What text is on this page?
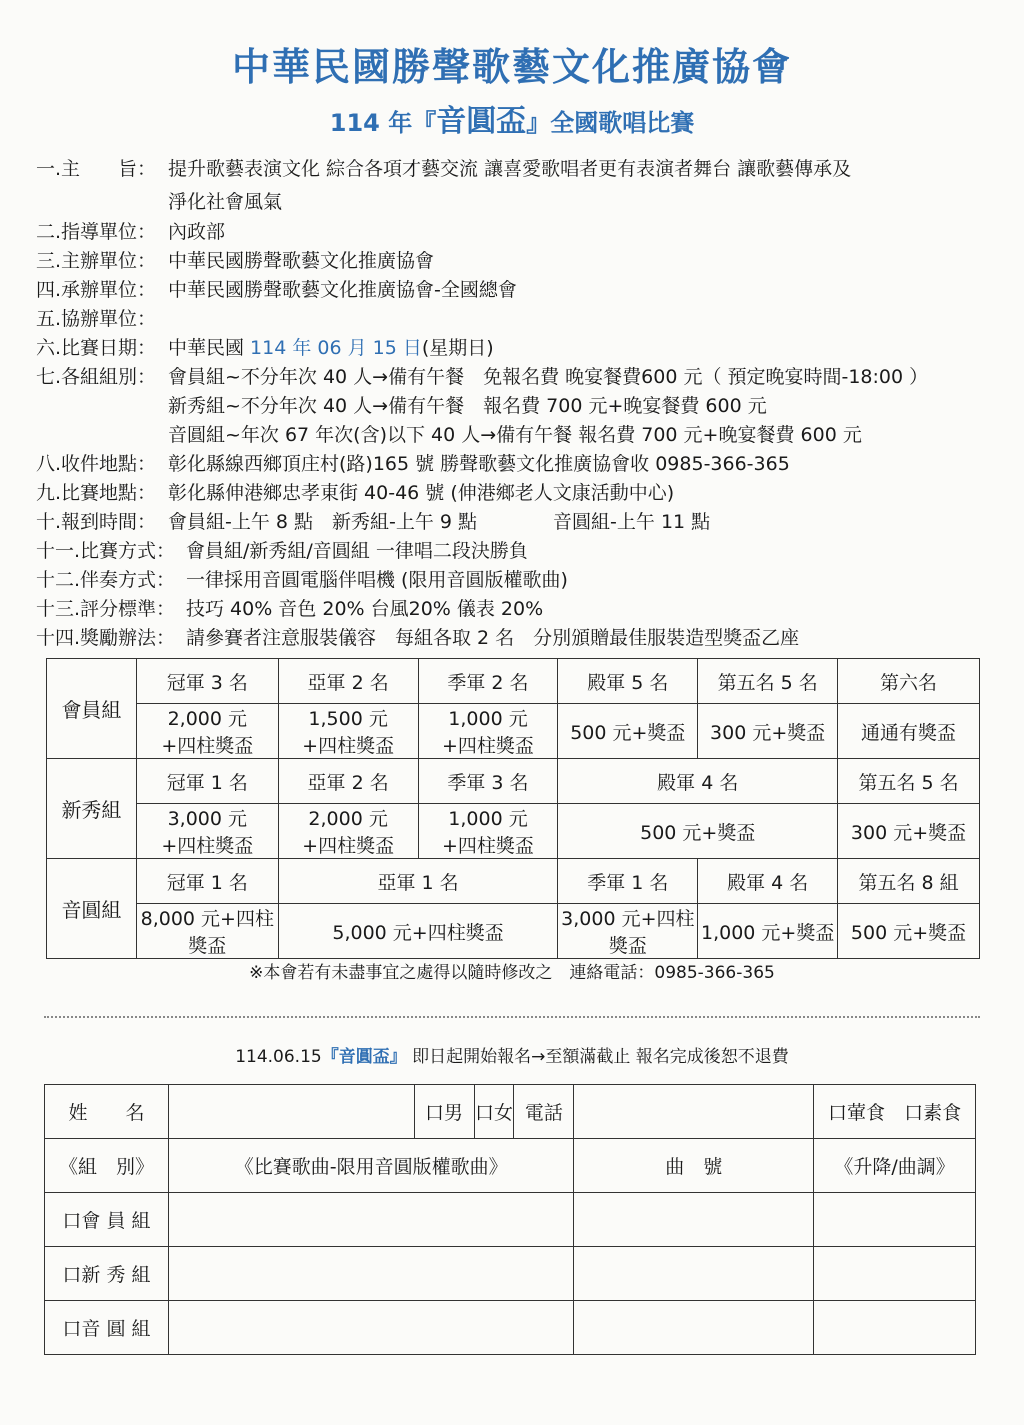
中華民國勝聲歌藝文化推廣協會
114 年『音圓盃』全國歌唱比賽
一.主　　旨： 提升歌藝表演文化 綜合各項才藝交流 讓喜愛歌唱者更有表演者舞台 讓歌藝傳承及
淨化社會風氣
二.指導單位： 內政部
三.主辦單位： 中華民國勝聲歌藝文化推廣協會
四.承辦單位： 中華民國勝聲歌藝文化推廣協會-全國總會
五.協辦單位：
六.比賽日期： 中華民國 114 年 06 月 15 日(星期日)
七.各組組別： 會員組~不分年次 40 人→備有午餐　免報名費 晚宴餐費600 元（ 預定晚宴時間-18:00 ）
新秀組~不分年次 40 人→備有午餐　報名費 700 元+晚宴餐費 600 元
音圓組~年次 67 年次(含)以下 40 人→備有午餐 報名費 700 元+晚宴餐費 600 元
八.收件地點： 彰化縣線西鄉頂庄村(路)165 號 勝聲歌藝文化推廣協會收 0985-366-365
九.比賽地點： 彰化縣伸港鄉忠孝東街 40-46 號 (伸港鄉老人文康活動中心)
十.報到時間： 會員組-上午 8 點　新秀組-上午 9 點　　　　音圓組-上午 11 點
十一.比賽方式： 會員組/新秀組/音圓組 一律唱二段決勝負
十二.伴奏方式： 一律採用音圓電腦伴唱機 (限用音圓版權歌曲)
十三.評分標準： 技巧 40% 音色 20% 台風20% 儀表 20%
十四.獎勵辦法： 請參賽者注意服裝儀容　每組各取 2 名　分別頒贈最佳服裝造型獎盃乙座
會員組	冠軍 3 名	亞軍 2 名	季軍 2 名	殿軍 5 名	第五名 5 名	第六名
	2,000 元
+四柱獎盃	1,500 元
+四柱獎盃	1,000 元
+四柱獎盃	500 元+獎盃	300 元+獎盃	通通有獎盃
新秀組	冠軍 1 名	亞軍 2 名	季軍 3 名	殿軍 4 名		第五名 5 名
	3,000 元
+四柱獎盃	2,000 元
+四柱獎盃	1,000 元
+四柱獎盃	500 元+獎盃		300 元+獎盃
音圓組	冠軍 1 名	亞軍 1 名		季軍 1 名	殿軍 4 名	第五名 8 組
	8,000 元+四柱獎盃	5,000 元+四柱獎盃		3,000 元+四柱獎盃	1,000 元+獎盃	500 元+獎盃
※本會若有未盡事宜之處得以隨時修改之　連絡電話：0985-366-365
114.06.15『音圓盃』 即日起開始報名→至額滿截止 報名完成後恕不退費
姓　　名		口男	口女	電話		口葷食　 口素食
《組　別》	《比賽歌曲-限用音圓版權歌曲》				曲　號	《升降/曲調》
口會 員 組						
口新 秀 組						
口音 圓 組						
